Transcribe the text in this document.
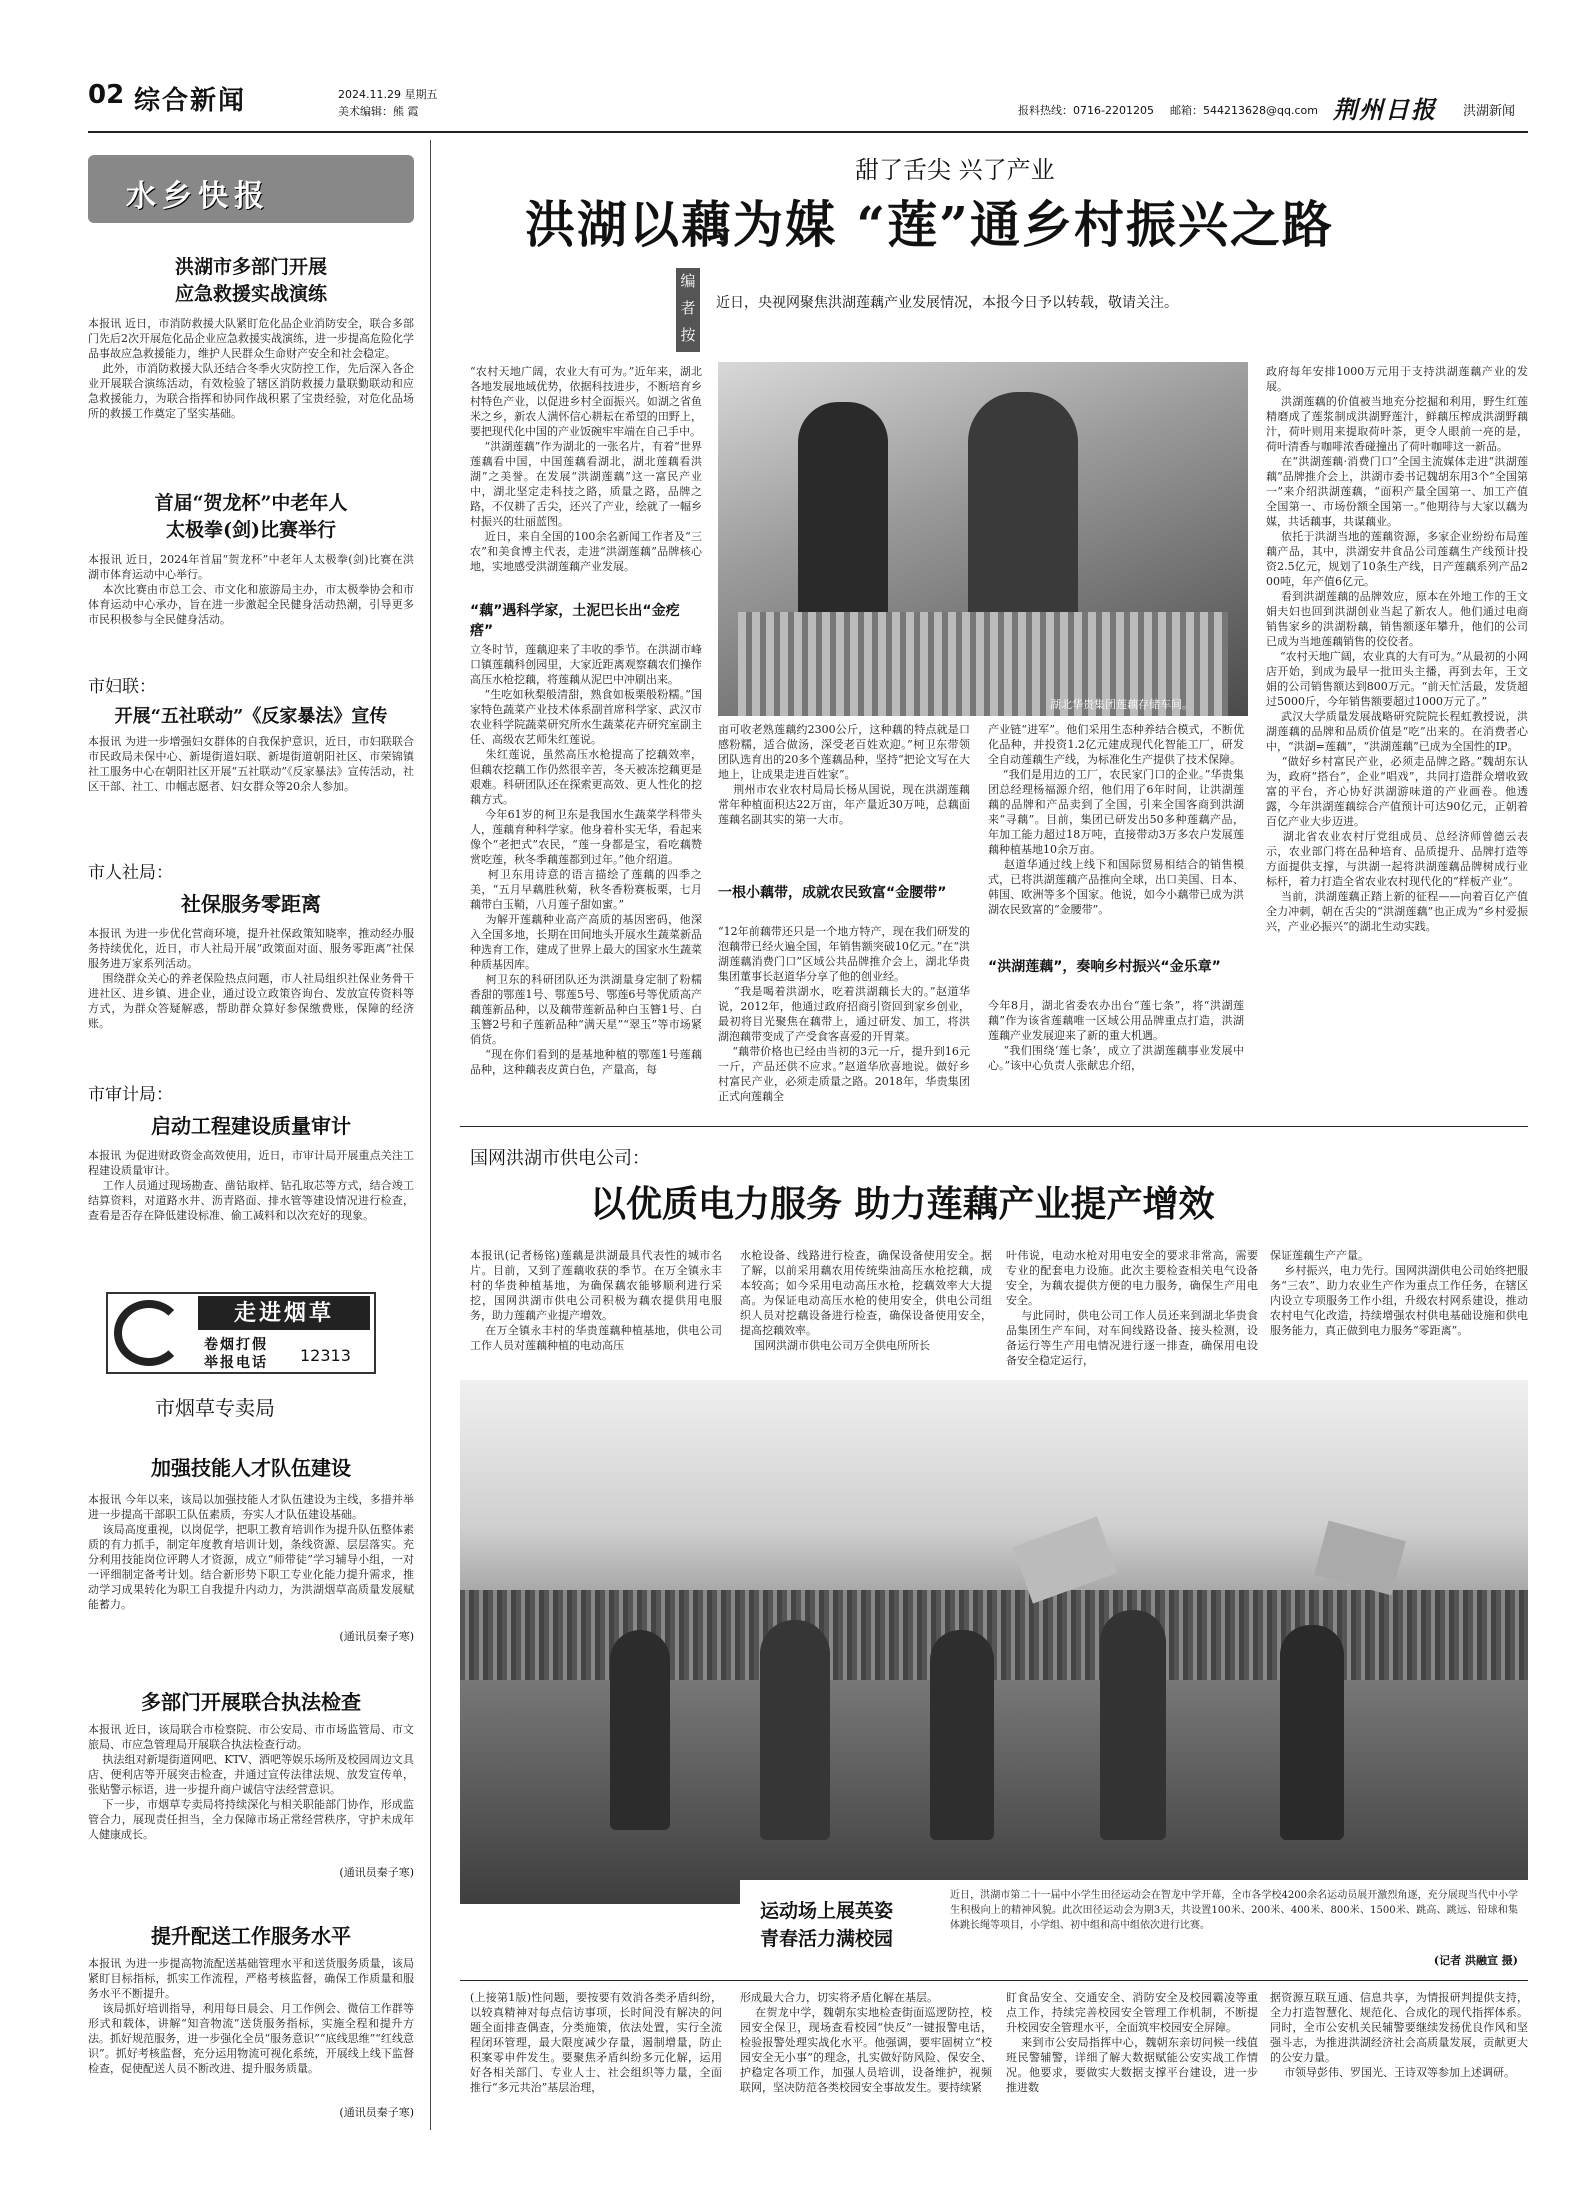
02 综合新闻	2024.11.29 星期五
美术编辑：熊 霞	报料热线：0716-2201205 邮箱：544213628@qq.com 荆州日报 洪湖新闻
水乡快报
洪湖市多部门开展
应急救援实战演练
本报讯 近日，市消防救援大队紧盯危化品企业消防安全，联合多部门先后2次开展危化品企业应急救援实战演练，进一步提高危险化学品事故应急救援能力，维护人民群众生命财产安全和社会稳定。
此外，市消防救援大队还结合冬季火灾防控工作，先后深入各企业开展联合演练活动，有效检验了辖区消防救援力量联勤联动和应急救援能力，为联合指挥和协同作战积累了宝贵经验，对危化品场所的救援工作奠定了坚实基础。
首届“贺龙杯”中老年人
太极拳(剑)比赛举行
本报讯 近日，2024年首届“贺龙杯”中老年人太极拳(剑)比赛在洪湖市体育运动中心举行。
本次比赛由市总工会、市文化和旅游局主办，市太极拳协会和市体育运动中心承办，旨在进一步激起全民健身活动热潮，引导更多市民积极参与全民健身活动。
市妇联：
开展“五社联动”《反家暴法》宣传
本报讯 为进一步增强妇女群体的自我保护意识，近日，市妇联联合市民政局未保中心、新堤街道妇联、新堤街道朝阳社区、市荣锦镇社工服务中心在朝阳社区开展“五社联动”《反家暴法》宣传活动，社区干部、社工、巾帼志愿者、妇女群众等20余人参加。
市人社局：
社保服务零距离
本报讯 为进一步优化营商环境，提升社保政策知晓率，推动经办服务持续优化，近日，市人社局开展“政策面对面、服务零距离”社保服务进万家系列活动。
围绕群众关心的养老保险热点问题，市人社局组织社保业务骨干进社区、进乡镇、进企业，通过设立政策咨询台、发放宣传资料等方式，为群众答疑解惑，帮助群众算好参保缴费账，保障的经济账。
市审计局：
启动工程建设质量审计
本报讯 为促进财政资金高效使用，近日，市审计局开展重点关注工程建设质量审计。
工作人员通过现场勘查、凿钻取样、钻孔取芯等方式，结合竣工结算资料，对道路水井、沥青路面、排水管等建设情况进行检查，查看是否存在降低建设标准、偷工减料和以次充好的现象。
走进烟草
卷烟打假
举报电话 12313
市烟草专卖局
加强技能人才队伍建设
本报讯 今年以来，该局以加强技能人才队伍建设为主线，多措并举进一步提高干部职工队伍素质，夯实人才队伍建设基础。
该局高度重视，以岗促学，把职工教育培训作为提升队伍整体素质的有力抓手，制定年度教育培训计划，条线资源、层层落实。充分利用技能岗位评聘人才资源，成立“师带徒”学习辅导小组，一对一评细制定备考计划。结合新形势下职工专业化能力提升需求，推动学习成果转化为职工自我提升内动力，为洪湖烟草高质量发展赋能蓄力。
(通讯员秦子寒)
多部门开展联合执法检查
本报讯 近日，该局联合市检察院、市公安局、市市场监管局、市文旅局、市应急管理局开展联合执法检查行动。
执法组对新堤街道网吧、KTV、酒吧等娱乐场所及校园周边文具店、便利店等开展突击检查，并通过宣传法律法规、放发宣传单，张贴警示标语，进一步提升商户诚信守法经营意识。
下一步，市烟草专卖局将持续深化与相关职能部门协作，形成监管合力，展现责任担当，全力保障市场正常经营秩序，守护未成年人健康成长。
(通讯员秦子寒)
提升配送工作服务水平
本报讯 为进一步提高物流配送基础管理水平和送货服务质量，该局紧盯目标指标，抓实工作流程，严格考核监督，确保工作质量和服务水平不断提升。
该局抓好培训指导，利用每日晨会、月工作例会、微信工作群等形式和载体，讲解“知音物流”送货服务指标，实施全程和提升方法。抓好规范服务，进一步强化全员“服务意识”“底线思维”“红线意识”。抓好考核监督，充分运用物流可视化系统，开展线上线下监督检查，促使配送人员不断改进、提升服务质量。
(通讯员秦子寒)
甜了舌尖 兴了产业
洪湖以藕为媒 “莲”通乡村振兴之路
编
者
按
近日，央视网聚焦洪湖莲藕产业发展情况，本报今日予以转载，敬请关注。
“农村天地广阔，农业大有可为。”近年来，湖北各地发展地域优势，依据科技进步，不断培育乡村特色产业，以促进乡村全面振兴。如湖之省鱼米之乡，新农人满怀信心耕耘在希望的田野上，要把现代化中国的产业饭碗牢牢端在自己手中。
“洪湖莲藕”作为湖北的一张名片，有着“世界莲藕看中国，中国莲藕看湖北，湖北莲藕看洪湖”之美誉。在发展“洪湖莲藕”这一富民产业中，湖北坚定走科技之路，质量之路，品牌之路，不仅耕了舌尖，还兴了产业，绘就了一幅乡村振兴的壮丽蓝图。
近日，来自全国的100余名新闻工作者及“三农”和美食博主代表，走进“洪湖莲藕”品牌核心地，实地感受洪湖莲藕产业发展。
“藕”遇科学家，土泥巴长出“金疙瘩”
立冬时节，莲藕迎来了丰收的季节。在洪湖市峰口镇莲藕科创园里，大家近距离观察藕农们操作高压水枪挖藕，将莲藕从泥巴中冲刷出来。
“生吃如秋梨般清甜，熟食如板栗般粉糯。”国家特色蔬菜产业技术体系副首席科学家、武汉市农业科学院蔬菜研究所水生蔬菜花卉研究室副主任、高级农艺师朱红莲说。
朱红莲说，虽然高压水枪提高了挖藕效率，但藕农挖藕工作仍然很辛苦，冬天被冻挖藕更是艰难。科研团队还在探索更高效、更人性化的挖藕方式。
今年61岁的柯卫东是我国水生蔬菜学科带头人，莲藕育种科学家。他身着朴实无华，看起来像个“老把式”农民，“莲一身都是宝，看吃藕赞赏吃莲，秋冬季藕莲都到过年。”他介绍道。
柯卫东用诗意的语言描绘了莲藕的四季之美，“五月早藕胜秋菊，秋冬香粉赛板栗，七月藕带白玉鞘，八月莲子甜如蜜。”
为解开莲藕种业高产高质的基因密码，他深入全国多地，长期在田间地头开展水生蔬菜新品种选育工作，建成了世界上最大的国家水生蔬菜种质基因库。
柯卫东的科研团队还为洪湖量身定制了粉糯香甜的鄂莲1号、鄂莲5号、鄂莲6号等优质高产藕莲新品种，以及藕带莲新品种白玉簪1号、白玉簪2号和子莲新品种“满天星”“翠玉”等市场紧俏货。
“现在你们看到的是基地种植的鄂莲1号莲藕品种，这种藕表皮黄白色，产量高，每
湖北华贵集团莲藕存储车间。
亩可收老熟莲藕约2300公斤，这种藕的特点就是口感粉糯，适合做汤，深受老百姓欢迎。”柯卫东带领团队选育出的20多个莲藕品种，坚持“把论文写在大地上，让成果走进百姓家”。
荆州市农业农村局局长杨从国说，现在洪湖莲藕常年种植面积达22万亩，年产量近30万吨，总藕面莲藕名副其实的第一大市。
一根小藕带，成就农民致富“金腰带”
“12年前藕带还只是一个地方特产，现在我们研发的泡藕带已经火遍全国，年销售额突破10亿元。”在“洪湖莲藕消费门口”区域公共品牌推介会上，湖北华贵集团董事长赵道华分享了他的创业经。
“我是喝着洪湖水，吃着洪湖藕长大的。”赵道华说，2012年，他通过政府招商引资回到家乡创业，最初将目光聚焦在藕带上，通过研发、加工，将洪湖泡藕带变成了产受食客喜爱的开胃菜。
“藕带价格也已经由当初的3元一斤，提升到16元一斤，产品还供不应求。”赵道华欣喜地说。做好乡村富民产业，必须走质量之路。2018年，华贵集团正式向莲藕全
产业链“进军”。他们采用生态种养结合模式，不断优化品种，并投资1.2亿元建成现代化智能工厂，研发全自动莲藕生产线，为标准化生产提供了技术保障。
“我们是用边的工厂，农民家门口的企业。”华贵集团总经理杨福源介绍，他们用了6年时间，让洪湖莲藕的品牌和产品卖到了全国，引来全国客商到洪湖来“寻藕”。目前，集团已研发出50多种莲藕产品，年加工能力超过18万吨，直接带动3万多农户发展莲藕种植基地10余万亩。
赵道华通过线上线下和国际贸易相结合的销售模式，已将洪湖莲藕产品推向全球，出口美国、日本、韩国、欧洲等多个国家。他说，如今小藕带已成为洪湖农民致富的“金腰带”。
“洪湖莲藕”，奏响乡村振兴“金乐章”
今年8月，湖北省委农办出台“莲七条”，将“洪湖莲藕”作为该省莲藕唯一区域公用品牌重点打造，洪湖莲藕产业发展迎来了新的重大机遇。
“我们围绕‘莲七条’，成立了洪湖莲藕事业发展中心。”该中心负责人张献忠介绍，
政府每年安排1000万元用于支持洪湖莲藕产业的发展。
洪湖莲藕的价值被当地充分挖掘和利用，野生红莲精磨成了莲浆制成洪湖野莲汁，鲜藕压榨成洪湖野藕汁，荷叶则用来提取荷叶茶，更令人眼前一亮的是，荷叶清香与咖啡浓香碰撞出了荷叶咖啡这一新品。
在“洪湖莲藕·消费门口”全国主流媒体走进“洪湖莲藕”品牌推介会上，洪湖市委书记魏胡东用3个“全国第一”来介绍洪湖莲藕，“面积产量全国第一、加工产值全国第一、市场份额全国第一。”他期待与大家以藕为媒，共话藕事，共谋藕业。
依托于洪湖当地的莲藕资源，多家企业纷纷布局莲藕产品，其中，洪湖安井食品公司莲藕生产线预计投资2.5亿元，规划了10条生产线，日产莲藕系列产品200吨，年产值6亿元。
看到洪湖莲藕的品牌效应，原本在外地工作的王文娟夫妇也回到洪湖创业当起了新农人。他们通过电商销售家乡的洪湖粉藕，销售额逐年攀升，他们的公司已成为当地莲藕销售的佼佼者。
“农村天地广阔，农业真的大有可为。”从最初的小网店开始，到成为最早一批田头主播，再到去年，王文娟的公司销售额达到800万元。“前天忙活最，发货超过5000斤，今年销售额要超过1000万元了。”
武汉大学质量发展战略研究院院长程虹教授说，洪湖莲藕的品牌和品质价值是“吃”出来的。在消费者心中，“洪湖=莲藕”，“洪湖莲藕”已成为全国性的IP。
“做好乡村富民产业，必须走品牌之路。”魏胡东认为，政府“搭台”，企业“唱戏”，共同打造群众增收致富的平台，齐心协好洪湖游味道的产业画卷。他透露，今年洪湖莲藕综合产值预计可达90亿元，正朝着百亿产业大步迈进。
湖北省农业农村厅党组成员、总经济师曾德云表示，农业部门将在品种培育、品质提升、品牌打造等方面提供支撑，与洪湖一起将洪湖莲藕品牌树成行业标杆，着力打造全省农业农村现代化的“样板产业”。
当前，洪湖莲藕正踏上新的征程——向着百亿产值全力冲刺，朝在舌尖的“洪湖莲藕”也正成为“乡村爱振兴，产业必振兴”的湖北生动实践。
国网洪湖市供电公司：
以优质电力服务 助力莲藕产业提产增效
本报讯(记者杨铭)莲藕是洪湖最具代表性的城市名片。目前，又到了莲藕收获的季节。在万全镇永丰村的华贵种植基地，为确保藕农能够顺利进行采挖，国网洪湖市供电公司积极为藕农提供用电服务，助力莲藕产业提产增效。
在万全镇永丰村的华贵莲藕种植基地，供电公司工作人员对莲藕种植的电动高压
水枪设备、线路进行检查，确保设备使用安全。据了解，以前采用藕农用传统柴油高压水枪挖藕，成本较高；如今采用电动高压水枪，挖藕效率大大提高。为保证电动高压水枪的使用安全，供电公司组织人员对挖藕设备进行检查，确保设备使用安全，提高挖藕效率。
国网洪湖市供电公司万全供电所所长
叶伟说，电动水枪对用电安全的要求非常高，需要专业的配套电力设施。此次主要检查相关电气设备安全，为藕农提供方便的电力服务，确保生产用电安全。
与此同时，供电公司工作人员还来到湖北华贵食品集团生产车间，对车间线路设备、接头检测，设备运行等生产用电情况进行逐一排查，确保用电设备安全稳定运行，
保证莲藕生产产量。
乡村振兴，电力先行。国网洪湖供电公司始终把服务“三农”、助力农业生产作为重点工作任务，在辖区内设立专项服务工作小组，升级农村网系建设，推动农村电气化改造，持续增强农村供电基础设施和供电服务能力，真正做到电力服务“零距离”。
运动场上展英姿
青春活力满校园
近日，洪湖市第二十一届中小学生田径运动会在智龙中学开幕，全市各学校4200余名运动员展开激烈角逐，充分展现当代中小学生积极向上的精神风貌。此次田径运动会为期3天，共设置100米、200米、400米、800米、1500米、跳高、跳远、铅球和集体跳长绳等项目，小学组、初中组和高中组依次进行比赛。
(记者 洪融宣 摄)
(上接第1版)性问题，要按要有效消各类矛盾纠纷，以较真精神对每点信访事项，长时间没有解决的问题全面排查偶查，分类施策，依法处置，实行全流程闭环管理，最大限度减少存量，遏制增量，防止积案零申件发生。要聚焦矛盾纠纷多元化解，运用好各相关部门、专业人士、社会组织等力量，全面推行“多元共治”基层治理，
形成最大合力，切实将矛盾化解在基层。
在贺龙中学，魏朝东实地检查街面巡逻防控，校园安全保卫，现场查看校园“快反”一键报警电话，检验报警处理实战化水平。他强调，要牢固树立“校园安全无小事”的理念，扎实做好防风险、保安全、护稳定各项工作，加强人员培训，设备维护，视频联网，坚决防范各类校园安全事故发生。要持续紧
盯食品安全、交通安全、消防安全及校园霸凌等重点工作，持续完善校园安全管理工作机制，不断提升校园安全管理水平，全面筑牢校园安全屏障。
来到市公安局指挥中心，魏朝东亲切问候一线值班民警辅警，详细了解大数据赋能公安实战工作情况。他要求，要做实大数据支撑平台建设，进一步推进数
据资源互联互通、信息共享，为情报研判提供支持，全力打造智慧化、规范化、合成化的现代指挥体系。同时，全市公安机关民辅警要继续发扬优良作风和坚强斗志，为推进洪湖经济社会高质量发展，贡献更大的公安力量。
市领导彭伟、罗国光、王诗双等参加上述调研。
